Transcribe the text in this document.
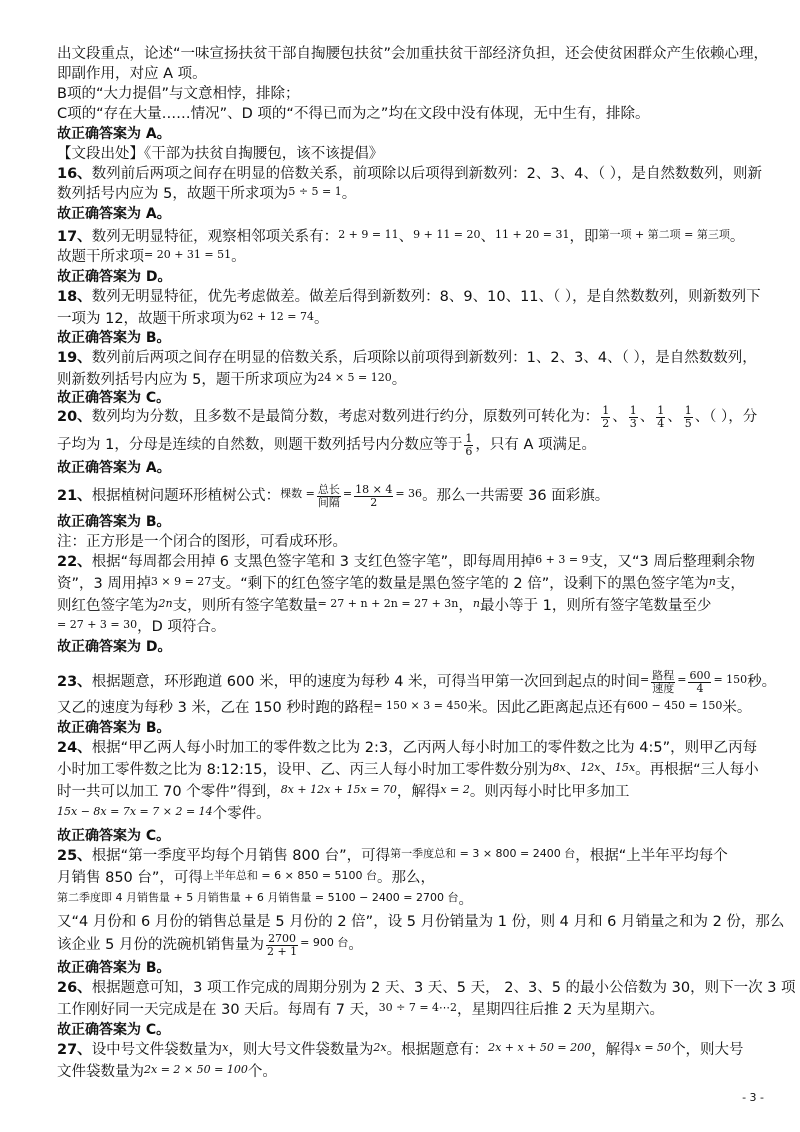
出文段重点，论述“一味宣扬扶贫干部自掏腰包扶贫”会加重扶贫干部经济负担，还会使贫困群众产生依赖心理，
即副作用，对应 A 项。
B项的“大力提倡”与文意相悖，排除；
C项的“存在大量……情况”、D 项的“不得已而为之”均在文段中没有体现，无中生有，排除。
故正确答案为 A。
【文段出处】《干部为扶贫自掏腰包，该不该提倡》
16、数列前后两项之间存在明显的倍数关系，前项除以后项得到新数列：2、3、4、（ ），是自然数数列，则新
数列括号内应为 5，故题干所求项为$^{5 \div 5 = 1}$。
故正确答案为 A。
17、数列无明显特征，观察相邻项关系有：$^{2 + 9 = 11}$、$^{9 + 11 = 20}$、$^{11 + 20 = 31}$，即$^{第一项 + 第二项 = 第三项}$。
故题干所求项$^{= 20 + 31 = 51}$。
故正确答案为 D。
18、数列无明显特征，优先考虑做差。做差后得到新数列：8、9、10、11、（ ），是自然数数列，则新数列下
一项为 12，故题干所求项为$^{62 + 12 = 74}$。
故正确答案为 B。
19、数列前后两项之间存在明显的倍数关系，后项除以前项得到新数列：1、2、3、4、（ ），是自然数数列，
则新数列括号内应为 5，题干所求项应为$^{24 \times 5 = 120}$。
故正确答案为 C。
20、数列均为分数，且多数不是最简分数，考虑对数列进行约分，原数列可转化为： $\frac{1}{2}$ 、 $\frac{1}{3}$ 、 $\frac{1}{4}$ 、 $\frac{1}{5}$ 、（ ），分
子均为 1，分母是连续的自然数，则题干数列括号内分数应等于 $\frac{1}{6}$ ，只有 A 项满足。
故正确答案为 A。
21、根据植树问题环形植树公式：$^{棵数 =} \frac{\text{总长}}{\text{间隔}} ^= \frac{18 \times 4}{2} ^{= 36}$。那么一共需要 36 面彩旗。
故正确答案为 B。
注：正方形是一个闭合的图形，可看成环形。
22、根据“每周都会用掉 6 支黑色签字笔和 3 支红色签字笔”，即每周用掉$^{6 + 3 = 9}$支，又“3 周后整理剩余物
资”，3 周用掉$^{3 \times 9 = 27}$支。“剩下的红色签字笔的数量是黑色签字笔的 2 倍”，设剩下的黑色签字笔为$^n$支，
则红色签字笔为$^{2n}$支，则所有签字笔数量$^{= 27 + n + 2n = 27 + 3n}$，$^n$最小等于 1，则所有签字笔数量至少
$^{= 27 + 3 = 30}$，D 项符合。
故正确答案为 D。
23、根据题意，环形跑道 600 米，甲的速度为每秒 4 米，可得当甲第一次回到起点的时间$^= \frac{\text{路程}}{\text{速度}} ^= \frac{600}{4} ^{= 150}$秒。
又乙的速度为每秒 3 米，乙在 150 秒时跑的路程$^{= 150 \times 3 = 450}$米。因此乙距离起点还有$^{600 - 450 = 150}$米。
故正确答案为 B。
24、根据“甲乙两人每小时加工的零件数之比为 2:3，乙丙两人每小时加工的零件数之比为 4:5”，则甲乙丙每
小时加工零件数之比为 8:12:15，设甲、乙、丙三人每小时加工零件数分别为$^{8x}$、$^{12x}$、$^{15x}$。再根据“三人每小
时一共可以加工 70 个零件”得到，$^{8x + 12x + 15x = 70}$，解得$^{x = 2}$。则丙每小时比甲多加工
$^{15x - 8x = 7x = 7 \times 2 = 14}$个零件。
故正确答案为 C。
25、根据“第一季度平均每个月销售 800 台”，可得$^{第一季度总和 = 3 \times 800 = 2400 台}$，根据“上半年平均每个
月销售 850 台”，可得$^{上半年总和 = 6 \times 850 = 5100 台}$。那么，
$^{第二季度即 4 月销售量 + 5 月销售量 + 6 月销售量 = 5100 - 2400 = 2700 台}$。
又“4 月份和 6 月份的销售总量是 5 月份的 2 倍”，设 5 月份销量为 1 份，则 4 月和 6 月销量之和为 2 份，那么
该企业 5 月份的洗碗机销售量为 $\frac{2700}{2 + 1} ^{= 900 台}$。
故正确答案为 B。
26、根据题意可知，3 项工作完成的周期分别为 2 天、3 天、5 天， 2、3、5 的最小公倍数为 30，则下一次 3 项
工作刚好同一天完成是在 30 天后。每周有 7 天，$^{30 \div 7 = 4\cdots 2}$，星期四往后推 2 天为星期六。
故正确答案为 C。
27、设中号文件袋数量为$^x$，则大号文件袋数量为$^{2x}$。根据题意有：$^{2x + x + 50 = 200}$，解得$^{x = 50}$个，则大号
文件袋数量为$^{2x = 2 \times 50 = 100}$个。
- 3 -
